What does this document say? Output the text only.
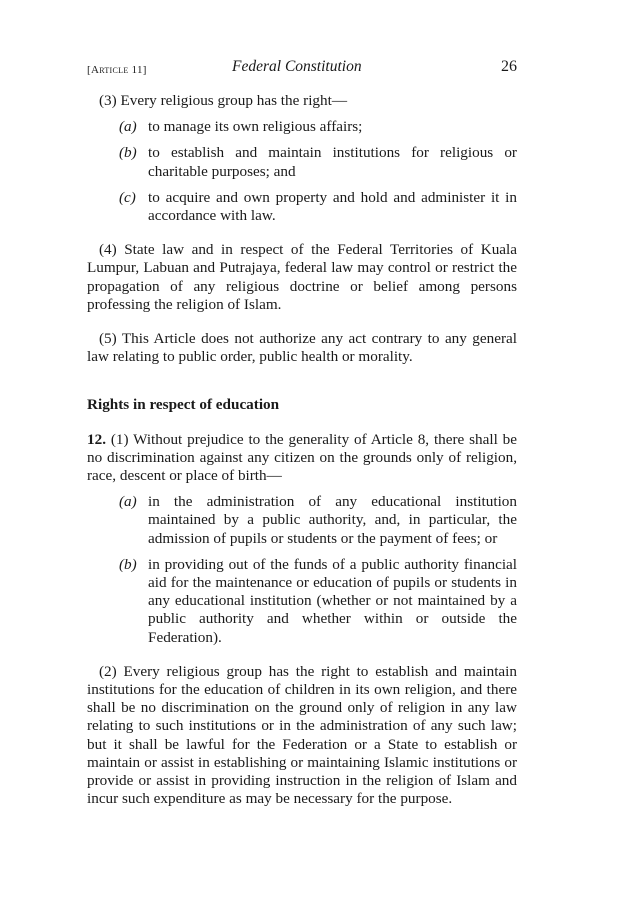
[Article 11]	Federal Constitution	26

(3) Every religious group has the right—

(a) to manage its own religious affairs;
(b) to establish and maintain institutions for religious or charitable purposes; and
(c) to acquire and own property and hold and administer it in accordance with law.

(4) State law and in respect of the Federal Territories of Kuala Lumpur, Labuan and Putrajaya, federal law may control or restrict the propagation of any religious doctrine or belief among persons professing the religion of Islam.

(5) This Article does not authorize any act contrary to any general law relating to public order, public health or morality.

Rights in respect of education

12. (1) Without prejudice to the generality of Article 8, there shall be no discrimination against any citizen on the grounds only of religion, race, descent or place of birth—

(a) in the administration of any educational institution maintained by a public authority, and, in particular, the admission of pupils or students or the payment of fees; or
(b) in providing out of the funds of a public authority financial aid for the maintenance or education of pupils or students in any educational institution (whether or not maintained by a public authority and whether within or outside the Federation).

(2) Every religious group has the right to establish and maintain institutions for the education of children in its own religion, and there shall be no discrimination on the ground only of religion in any law relating to such institutions or in the administration of any such law; but it shall be lawful for the Federation or a State to establish or maintain or assist in establishing or maintaining Islamic institutions or provide or assist in providing instruction in the religion of Islam and incur such expenditure as may be necessary for the purpose.
